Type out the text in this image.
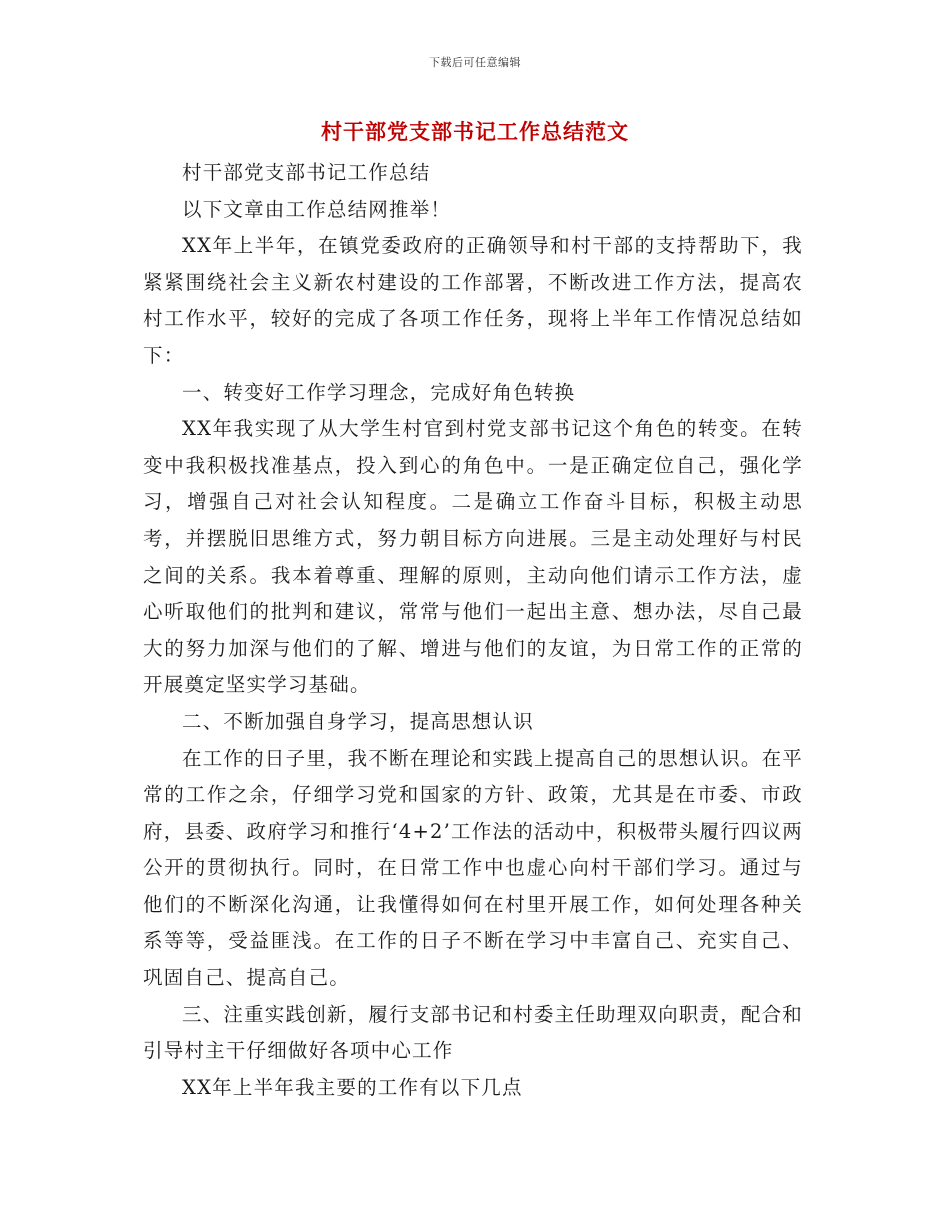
下载后可任意编辑
村干部党支部书记工作总结范文

村干部党支部书记工作总结

以下文章由工作总结网推举！

XX年上半年，在镇党委政府的正确领导和村干部的支持帮助下，我紧紧围绕社会主义新农村建设的工作部署，不断改进工作方法，提高农村工作水平，较好的完成了各项工作任务，现将上半年工作情况总结如下：

一、转变好工作学习理念，完成好角色转换

XX年我实现了从大学生村官到村党支部书记这个角色的转变。在转变中我积极找准基点，投入到心的角色中。一是正确定位自己，强化学习，增强自己对社会认知程度。二是确立工作奋斗目标，积极主动思考，并摆脱旧思维方式，努力朝目标方向进展。三是主动处理好与村民之间的关系。我本着尊重、理解的原则，主动向他们请示工作方法，虚心听取他们的批判和建议，常常与他们一起出主意、想办法，尽自己最大的努力加深与他们的了解、增进与他们的友谊，为日常工作的正常的开展奠定坚实学习基础。

二、不断加强自身学习，提高思想认识

在工作的日子里，我不断在理论和实践上提高自己的思想认识。在平常的工作之余，仔细学习党和国家的方针、政策，尤其是在市委、市政府，县委、政府学习和推行‘4+2’工作法的活动中，积极带头履行四议两公开的贯彻执行。同时，在日常工作中也虚心向村干部们学习。通过与他们的不断深化沟通，让我懂得如何在村里开展工作，如何处理各种关系等等，受益匪浅。在工作的日子不断在学习中丰富自己、充实自己、巩固自己、提高自己。

三、注重实践创新，履行支部书记和村委主任助理双向职责，配合和引导村主干仔细做好各项中心工作

XX年上半年我主要的工作有以下几点
